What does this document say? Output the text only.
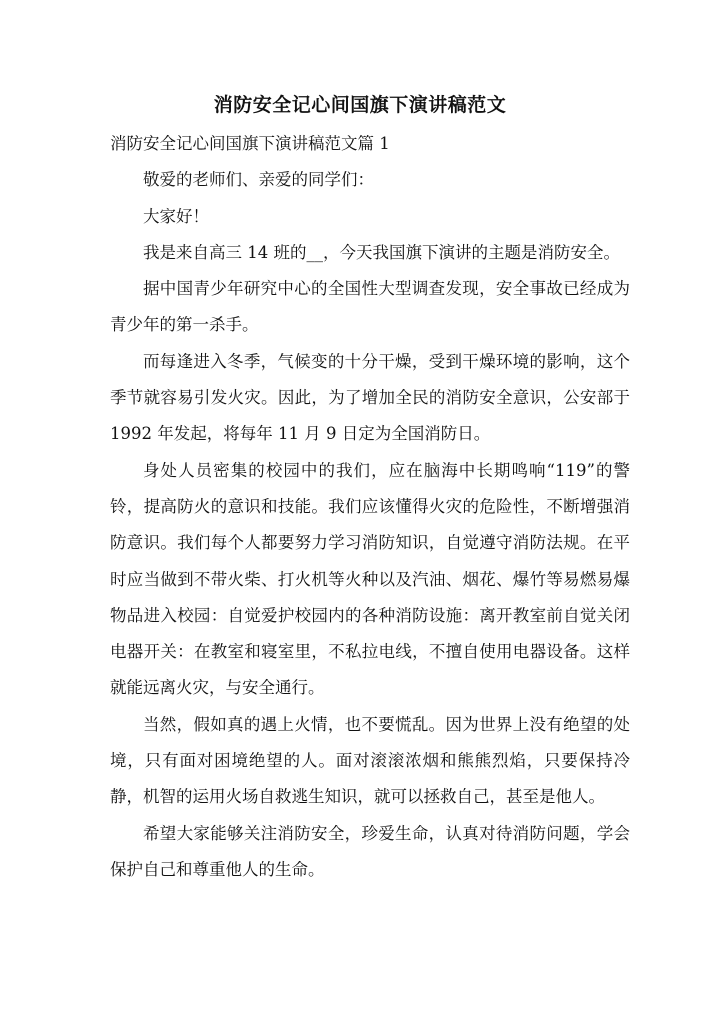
消防安全记心间国旗下演讲稿范文

消防安全记心间国旗下演讲稿范文篇 1

敬爱的老师们、亲爱的同学们：

大家好！

我是来自高三 14 班的__，今天我国旗下演讲的主题是消防安全。

据中国青少年研究中心的全国性大型调查发现，安全事故已经成为青少年的第一杀手。

而每逢进入冬季，气候变的十分干燥，受到干燥环境的影响，这个季节就容易引发火灾。因此，为了增加全民的消防安全意识，公安部于 1992 年发起，将每年 11 月 9 日定为全国消防日。

身处人员密集的校园中的我们，应在脑海中长期鸣响“119”的警铃，提高防火的意识和技能。我们应该懂得火灾的危险性，不断增强消防意识。我们每个人都要努力学习消防知识，自觉遵守消防法规。在平时应当做到不带火柴、打火机等火种以及汽油、烟花、爆竹等易燃易爆物品进入校园：自觉爱护校园内的各种消防设施：离开教室前自觉关闭电器开关：在教室和寝室里，不私拉电线，不擅自使用电器设备。这样就能远离火灾，与安全通行。

当然，假如真的遇上火情，也不要慌乱。因为世界上没有绝望的处境，只有面对困境绝望的人。面对滚滚浓烟和熊熊烈焰，只要保持冷静，机智的运用火场自救逃生知识，就可以拯救自己，甚至是他人。

希望大家能够关注消防安全，珍爱生命，认真对待消防问题，学会保护自己和尊重他人的生命。
